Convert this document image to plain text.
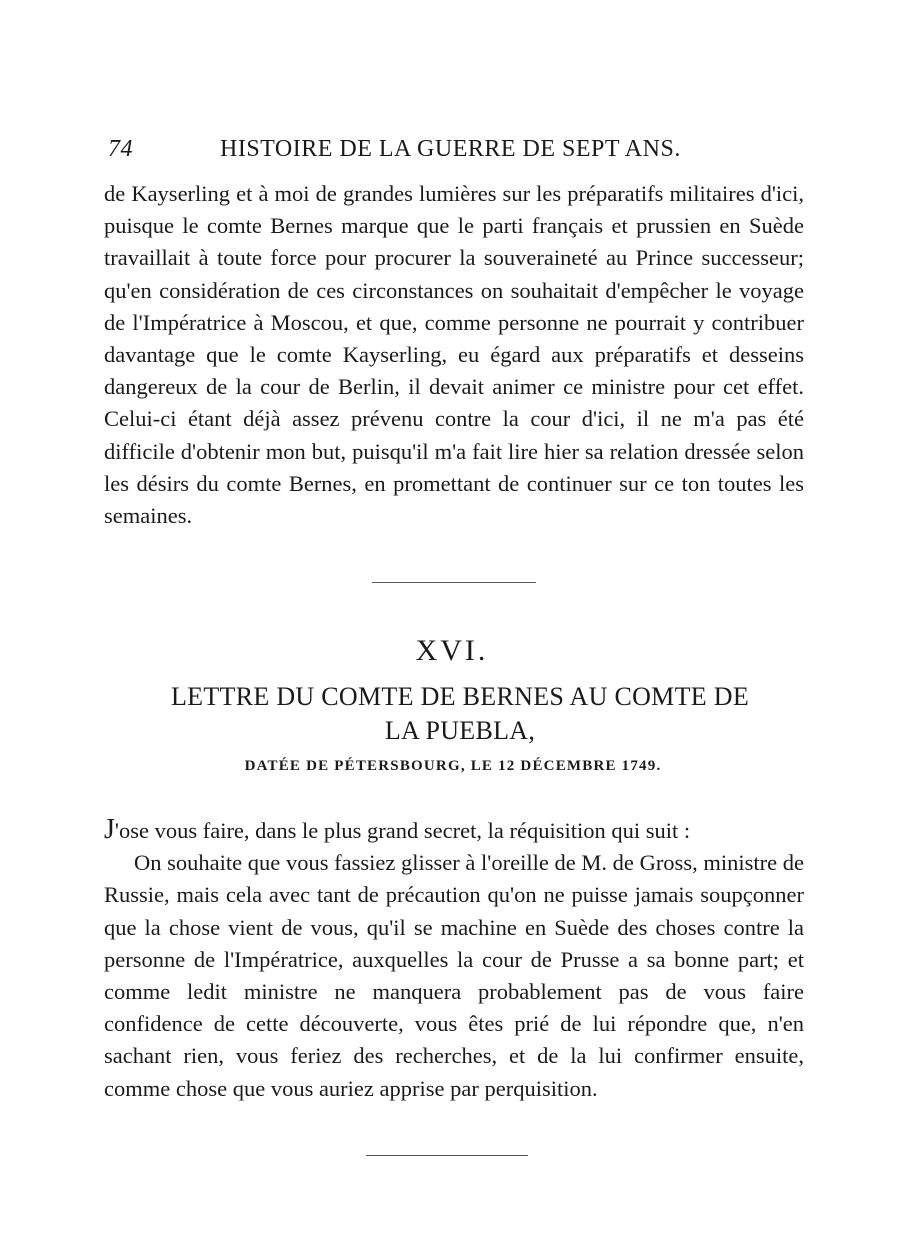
74	HISTOIRE DE LA GUERRE DE SEPT ANS.

de Kayserling et à moi de grandes lumières sur les préparatifs militaires d'ici, puisque le comte Bernes marque que le parti français et prussien en Suède travaillait à toute force pour procurer la souveraineté au Prince successeur; qu'en considération de ces circonstances on souhaitait d'empêcher le voyage de l'Impératrice à Moscou, et que, comme personne ne pourrait y contribuer davantage que le comte Kayserling, eu égard aux préparatifs et desseins dangereux de la cour de Berlin, il devait animer ce ministre pour cet effet. Celui-ci étant déjà assez prévenu contre la cour d'ici, il ne m'a pas été difficile d'obtenir mon but, puisqu'il m'a fait lire hier sa relation dressée selon les désirs du comte Bernes, en promettant de continuer sur ce ton toutes les semaines.

XVI.
LETTRE DU COMTE DE BERNES AU COMTE DE LA PUEBLA,
DATÉE DE PÉTERSBOURG, LE 12 DÉCEMBRE 1749.

J'ose vous faire, dans le plus grand secret, la réquisition qui suit :

On souhaite que vous fassiez glisser à l'oreille de M. de Gross, ministre de Russie, mais cela avec tant de précaution qu'on ne puisse jamais soupçonner que la chose vient de vous, qu'il se machine en Suède des choses contre la personne de l'Impératrice, auxquelles la cour de Prusse a sa bonne part; et comme ledit ministre ne manquera probablement pas de vous faire confidence de cette découverte, vous êtes prié de lui répondre que, n'en sachant rien, vous feriez des recherches, et de la lui confirmer ensuite, comme chose que vous auriez apprise par perquisition.
